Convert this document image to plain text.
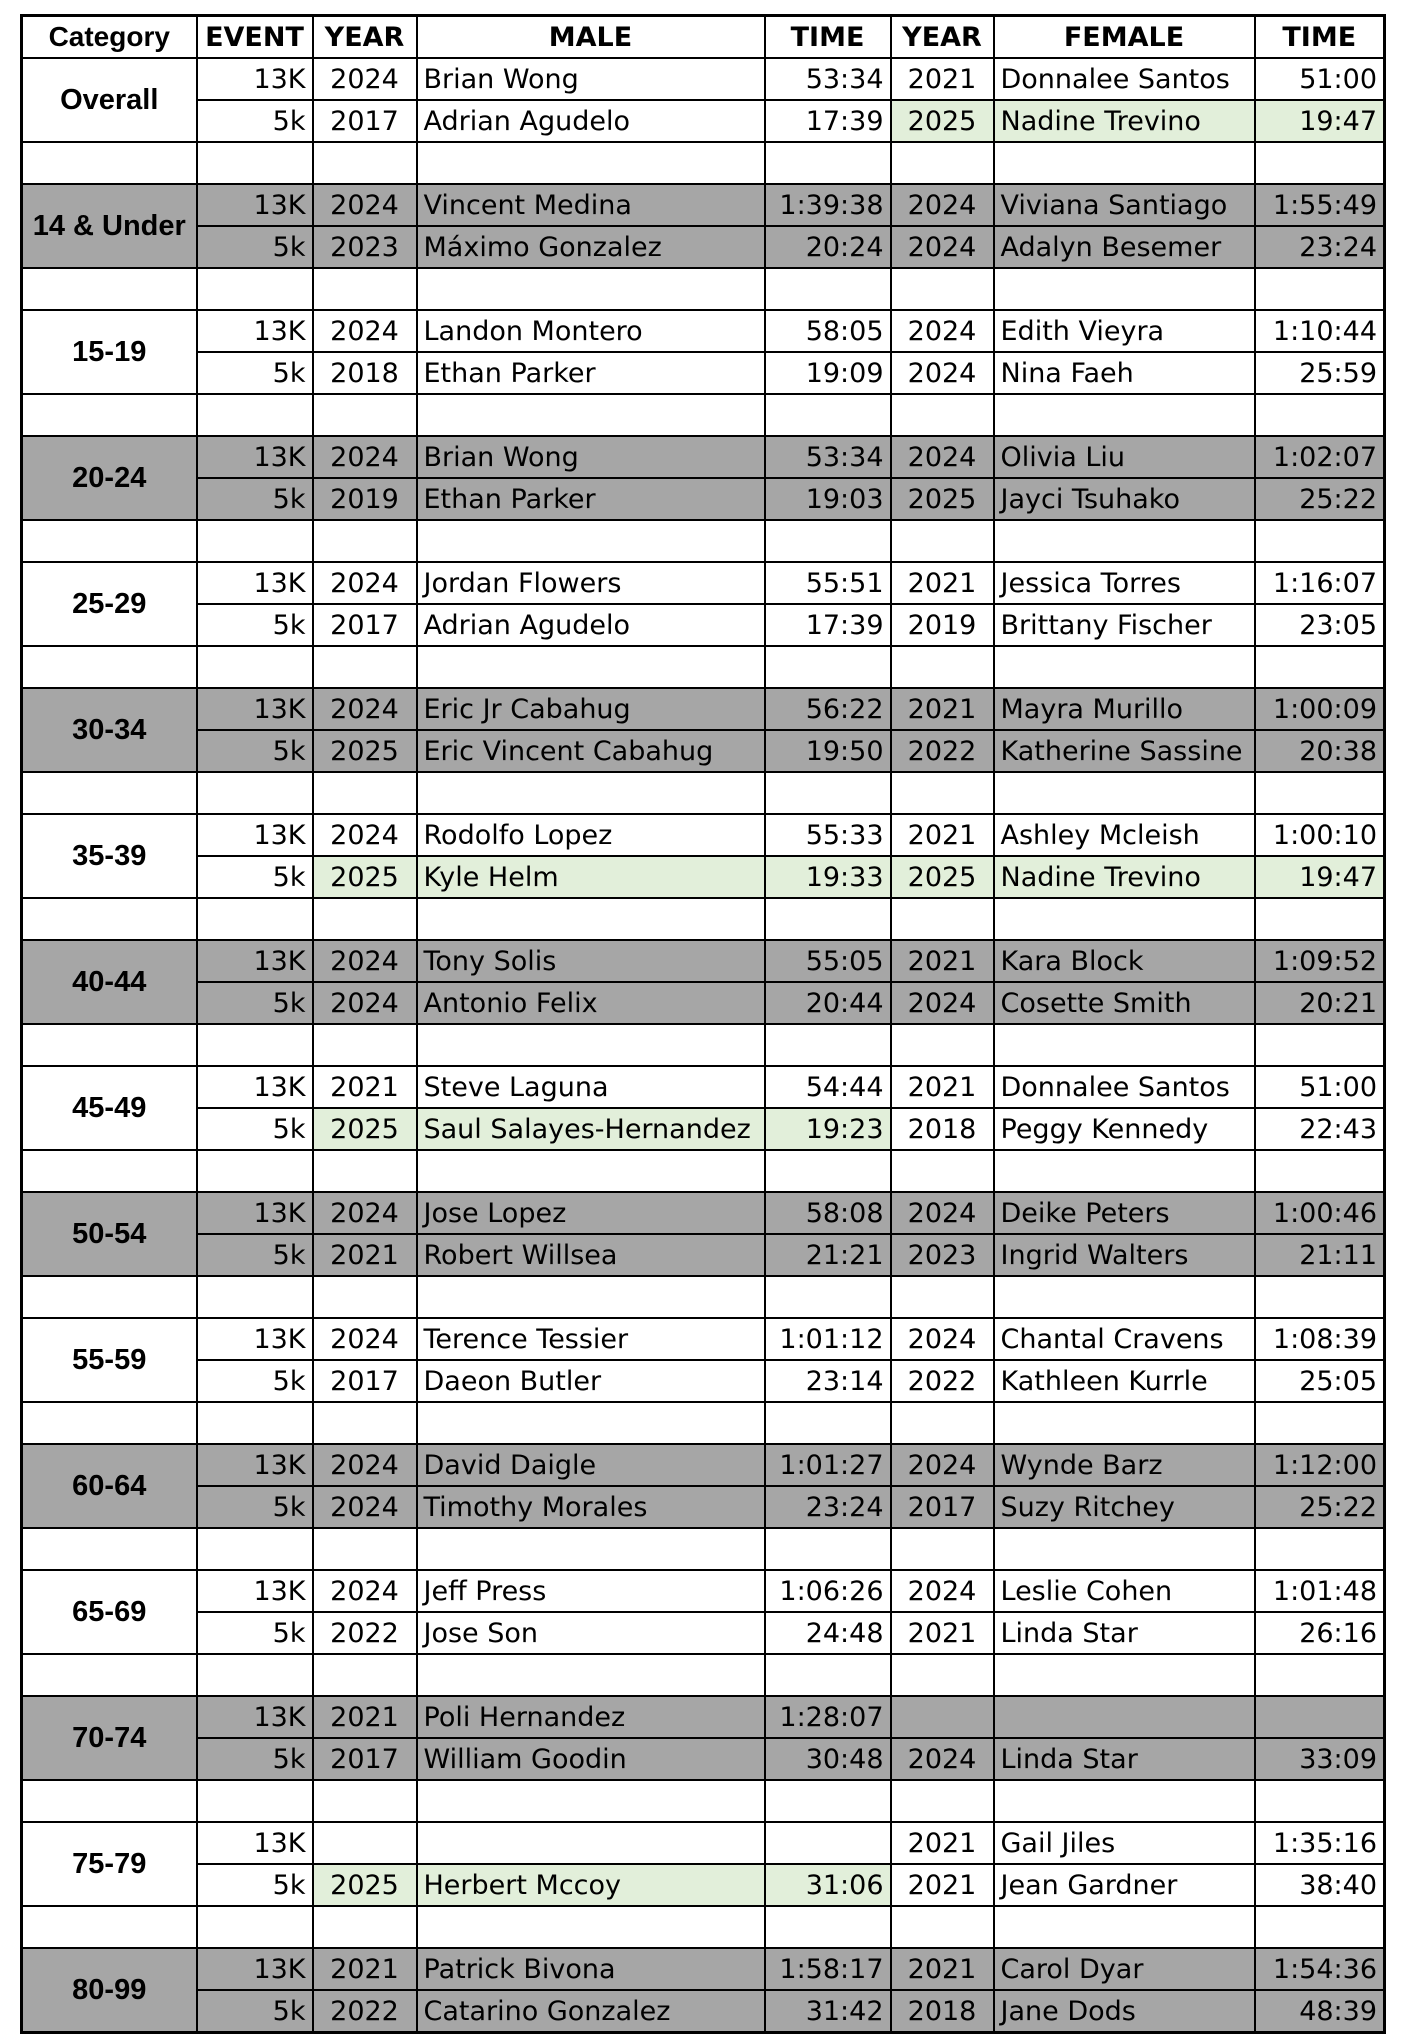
Category	EVENT	YEAR	MALE	TIME	YEAR	FEMALE	TIME
Overall	13K	2024	Brian Wong	53:34	2021	Donnalee Santos	51:00
	5k	2017	Adrian Agudelo	17:39	2025	Nadine Trevino	19:47

14 & Under	13K	2024	Vincent Medina	1:39:38	2024	Viviana Santiago	1:55:49
	5k	2023	Máximo Gonzalez	20:24	2024	Adalyn Besemer	23:24

15-19	13K	2024	Landon Montero	58:05	2024	Edith Vieyra	1:10:44
	5k	2018	Ethan Parker	19:09	2024	Nina Faeh	25:59

20-24	13K	2024	Brian Wong	53:34	2024	Olivia Liu	1:02:07
	5k	2019	Ethan Parker	19:03	2025	Jayci Tsuhako	25:22

25-29	13K	2024	Jordan Flowers	55:51	2021	Jessica Torres	1:16:07
	5k	2017	Adrian Agudelo	17:39	2019	Brittany Fischer	23:05

30-34	13K	2024	Eric Jr Cabahug	56:22	2021	Mayra Murillo	1:00:09
	5k	2025	Eric Vincent Cabahug	19:50	2022	Katherine Sassine	20:38

35-39	13K	2024	Rodolfo Lopez	55:33	2021	Ashley Mcleish	1:00:10
	5k	2025	Kyle Helm	19:33	2025	Nadine Trevino	19:47

40-44	13K	2024	Tony Solis	55:05	2021	Kara Block	1:09:52
	5k	2024	Antonio Felix	20:44	2024	Cosette Smith	20:21

45-49	13K	2021	Steve Laguna	54:44	2021	Donnalee Santos	51:00
	5k	2025	Saul Salayes-Hernandez	19:23	2018	Peggy Kennedy	22:43

50-54	13K	2024	Jose Lopez	58:08	2024	Deike Peters	1:00:46
	5k	2021	Robert Willsea	21:21	2023	Ingrid Walters	21:11

55-59	13K	2024	Terence Tessier	1:01:12	2024	Chantal Cravens	1:08:39
	5k	2017	Daeon Butler	23:14	2022	Kathleen Kurrle	25:05

60-64	13K	2024	David Daigle	1:01:27	2024	Wynde Barz	1:12:00
	5k	2024	Timothy Morales	23:24	2017	Suzy Ritchey	25:22

65-69	13K	2024	Jeff Press	1:06:26	2024	Leslie Cohen	1:01:48
	5k	2022	Jose Son	24:48	2021	Linda Star	26:16

70-74	13K	2021	Poli Hernandez	1:28:07			
	5k	2017	William Goodin	30:48	2024	Linda Star	33:09

75-79	13K				2021	Gail Jiles	1:35:16
	5k	2025	Herbert Mccoy	31:06	2021	Jean Gardner	38:40

80-99	13K	2021	Patrick Bivona	1:58:17	2021	Carol Dyar	1:54:36
	5k	2022	Catarino Gonzalez	31:42	2018	Jane Dods	48:39
